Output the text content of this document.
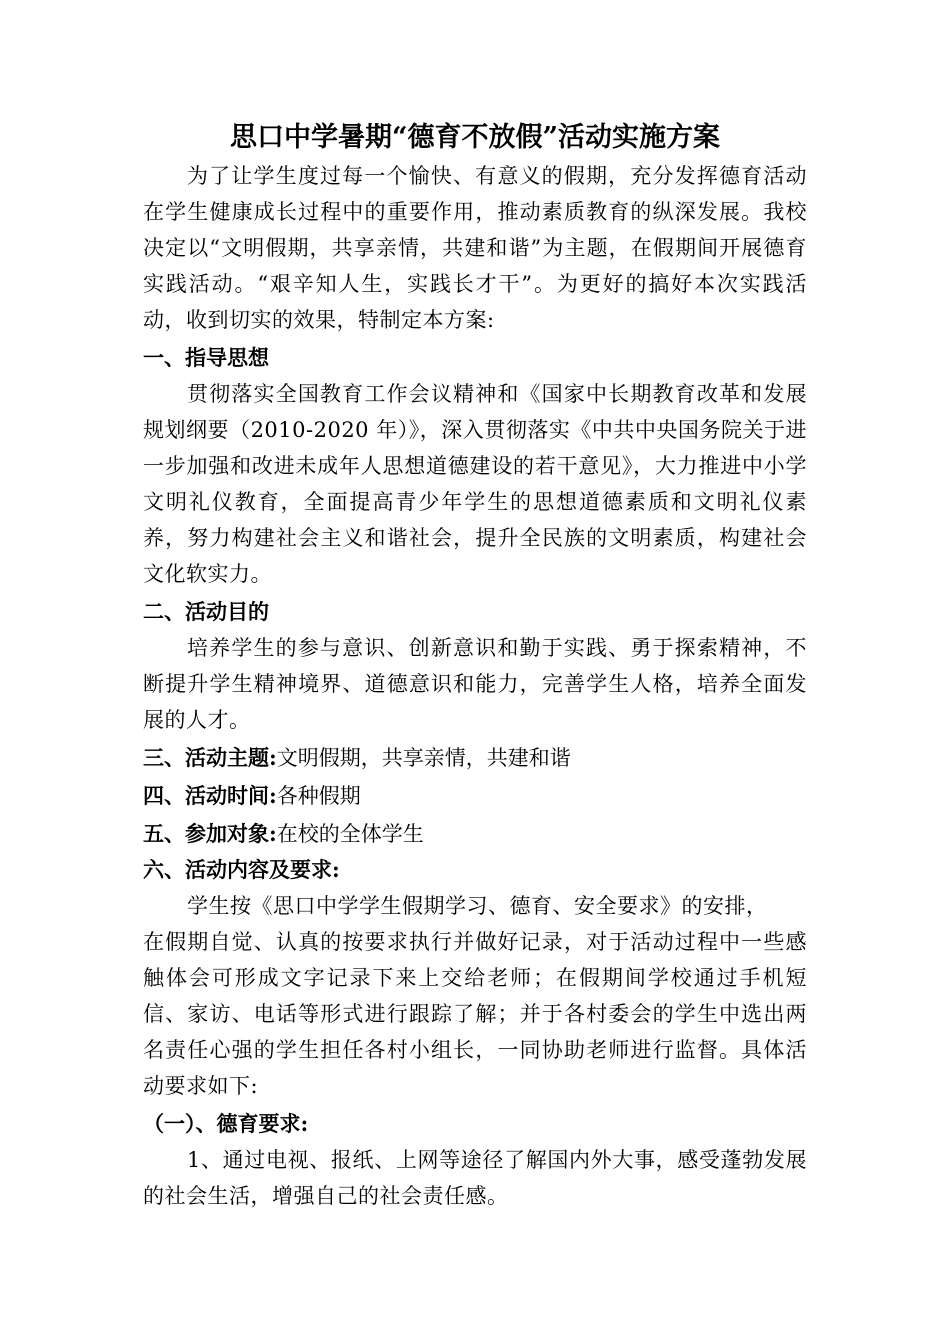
思口中学暑期“德育不放假”活动实施方案

为了让学生度过每一个愉快、有意义的假期，充分发挥德育活动在学生健康成长过程中的重要作用，推动素质教育的纵深发展。我校决定以“文明假期，共享亲情，共建和谐”为主题，在假期间开展德育实践活动。“艰辛知人生，实践长才干”。为更好的搞好本次实践活动，收到切实的效果，特制定本方案:

一、指导思想

贯彻落实全国教育工作会议精神和《国家中长期教育改革和发展规划纲要（2010-2020 年）》，深入贯彻落实《中共中央国务院关于进一步加强和改进未成年人思想道德建设的若干意见》，大力推进中小学文明礼仪教育，全面提高青少年学生的思想道德素质和文明礼仪素养，努力构建社会主义和谐社会，提升全民族的文明素质，构建社会文化软实力。

二、活动目的

培养学生的参与意识、创新意识和勤于实践、勇于探索精神，不断提升学生精神境界、道德意识和能力，完善学生人格，培养全面发展的人才。

三、活动主题:文明假期，共享亲情，共建和谐

四、活动时间:各种假期

五、参加对象:在校的全体学生

六、活动内容及要求:

学生按《思口中学学生假期学习、德育、安全要求》的安排，

在假期自觉、认真的按要求执行并做好记录，对于活动过程中一些感触体会可形成文字记录下来上交给老师；在假期间学校通过手机短信、家访、电话等形式进行跟踪了解；并于各村委会的学生中选出两名责任心强的学生担任各村小组长，一同协助老师进行监督。具体活动要求如下:

（一）、德育要求:

1、通过电视、报纸、上网等途径了解国内外大事，感受蓬勃发展的社会生活，增强自己的社会责任感。
